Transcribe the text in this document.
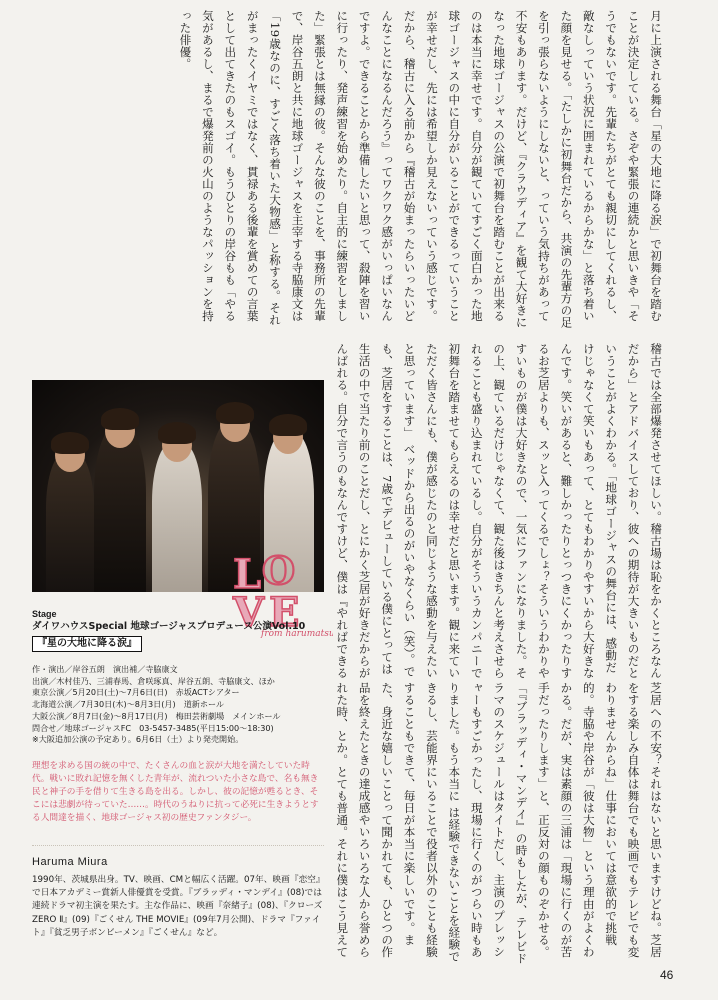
月に上演される舞台「星の大地に降る涙」で初舞台を踏むことが決定している。さぞや緊張の連続かと思いきや「そうでもないです。先輩たちがとても親切にしてくれるし、敵なしっていう状況に囲まれているからかな」と落ち着いた顔を見せる。「たしかに初舞台だから、共演の先輩方の足を引っ張らないようにしないと、っていう気持ちがあって不安もあります。だけど、『クラウディア』を観て大好きになった地球ゴージャスの公演で初舞台を踏むことが出来るのは本当に幸せです。自分が観ていてすごく面白かった地球ゴージャスの中に自分がいることができるっていうことが幸せだし、先には希望しか見えないっていう感じです。だから、稽古に入る前から『稽古が始まったらいったいどんなことになるんだろう』ってワクワク感がいっぱいなんですよ。できることから準備したいと思って、殺陣を習いに行ったり、発声練習を始めたり。自主的に練習をしました」緊張とは無縁の彼。そんな彼のことを、事務所の先輩で、岸谷五朗と共に地球ゴージャスを主宰する寺脇康文は「19歳なのに、すごく落ち着いた大物感」と称する。それがまったくイヤミではなく、貫禄ある後輩を賞めての言葉として出てきたのもスゴイ。もうひとりの岸谷もも「やる気があるし、まるで爆発前の火山のようなパッションを持った俳優。
稽古では全部爆発させてほしい。稽古場は恥をかくところなんだから」とアドバイスしており、彼への期待が大きいものだということがよくわかる。「地球ゴージャスの舞台には、感動だけじゃなくて笑いもあって、とてもわかりやすいから大好きなんです。笑いがあると、難しかったりとっつきにくかったりするお芝居よりも、スッと入ってくるでしょ？そういうわかりやすいものが僕は大好きなので、一気にファンになりました。その上、観ているだけじゃなくて、観た後はきちんと考えさせられることも盛り込まれているし。自分がそういうカンパニーで初舞台を踏ませてもらえるのは幸せだと思います。観に来ていただく皆さんにも、僕が感じたのと同じような感動を与えたいと思っています」 ベッドから出るのがいやなくらい（笑）。でも、芝居をすることは、7歳でデビューしている僕にとっては生活の中で当たり前のことだし、とにかく芝居が好きだからがんばれる。自分で言うのもなんですけど、僕は『やればできる
芝居への不安？それはないと思いますけどね。芝居をする楽しみ自体は舞台でも映画でもテレビでも変わりませんからね」仕事においては意欲的で挑戦的。寺脇や岸谷が「彼は大物」という理由がよくわかる。だが、実は素顔の三浦は「現場に行くのが苦手だったりします」と、正反対の顔ものぞかせる。「『ブラッディ・マンデイ』の時もしたが、テレビドラマのスケジュールはタイトだし、主演のプレッシャーもすごかったし、現場に行くのがつらい時もありました。もう本当に は経験できないことを経験できるし、芸能界にいることで役者以外のことも経験することもできて、毎日が本当に楽しいです。また、身近な嬉しいことって聞かれても、ひとつの作品を終えたときの達成感やいろいろな人から誉められた時、とか。とても普通。それに僕はこう見えて
L O
V E
from harumatsu
Stage
ダイワハウスSpecial 地球ゴージャスプロデュース公演Vol.10
『星の大地に降る涙』
作・演出／岸谷五朗　演出補／寺脇康文
出演／木村佳乃、三浦春馬、倉咲琢真、岸谷五朗、寺脇康文、ほか
東京公演／5月20日(土)〜7月6日(日)　赤坂ACTシアター
北海道公演／7月30日(木)〜8月3日(月)　道新ホール
大阪公演／8月7日(金)〜8月17日(月)　梅田芸術劇場　メインホール
問合せ／地球ゴージャスFC　03-5457-3485(平日15:00〜18:30)
※大阪追加公演の予定あり。6月6日（土）より発売開始。
理想を求める国の統の中で、たくさんの血と涙が大地を満たしていた時代。戦いに敗れ記憶を無くした青年が、流れついた小さな島で、名も無き民と神子の手を借りて生きる島を出る。しかし、彼の記憶が甦るとき、そこには悲劇が待っていた……。時代のうねりに抗って必死に生きようとする人間達を描く、地球ゴージャス初の歴史ファンタジー。
Haruma Miura
1990年、茨城県出身。TV、映画、CMと幅広く活躍。07年、映画『恋空』で日本アカデミー賞新人俳優賞を受賞。『ブラッディ・マンデイ』(08)では連続ドラマ初主演を果たす。主な作品に、映画『奈緒子』(08)、『クローズZERO Ⅱ』(09)『ごくせん THE MOVIE』(09年7月公開)、ドラマ『ファイト』『貧乏男子ボンビーメン』『ごくせん』など。
46
